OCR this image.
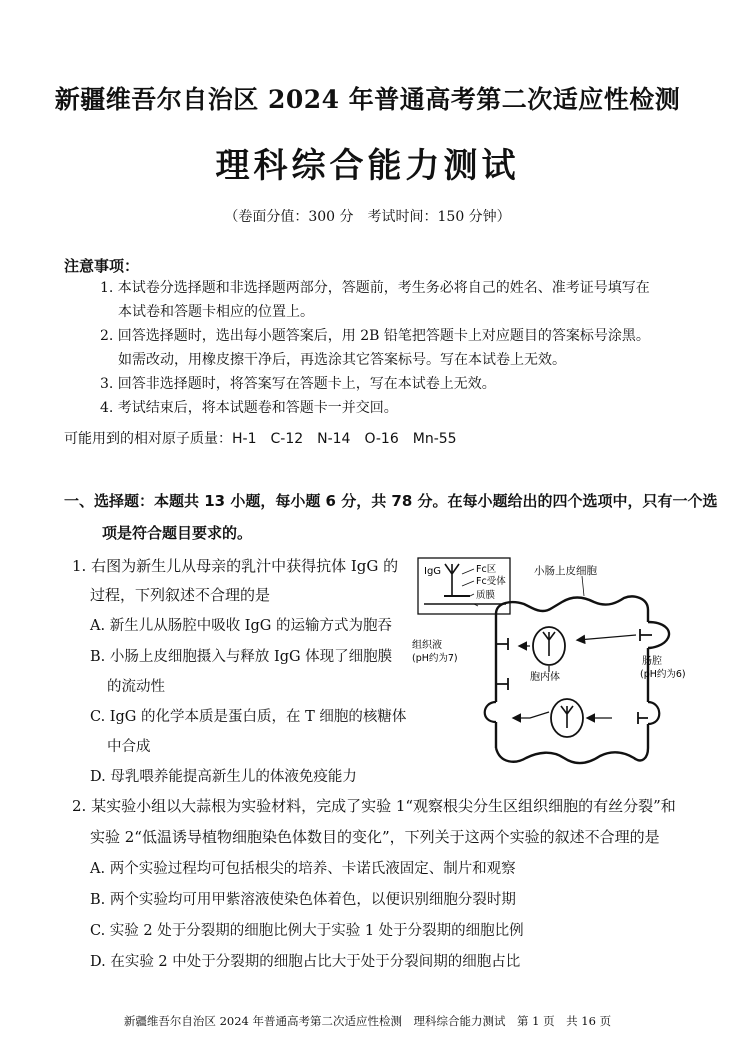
新疆维吾尔自治区 2024 年普通高考第二次适应性检测
理科综合能力测试
（卷面分值：300 分　考试时间：150 分钟）
注意事项：
1. 本试卷分选择题和非选择题两部分，答题前，考生务必将自己的姓名、准考证号填写在
本试卷和答题卡相应的位置上。
2. 回答选择题时，选出每小题答案后，用 2B 铅笔把答题卡上对应题目的答案标号涂黑。
如需改动，用橡皮擦干净后，再选涂其它答案标号。写在本试卷上无效。
3. 回答非选择题时，将答案写在答题卡上，写在本试卷上无效。
4. 考试结束后，将本试题卷和答题卡一并交回。
可能用到的相对原子质量：H-1　C-12　N-14　O-16　Mn-55
一、选择题：本题共 13 小题，每小题 6 分，共 78 分。在每小题给出的四个选项中，只有一个选
项是符合题目要求的。
1. 右图为新生儿从母亲的乳汁中获得抗体 IgG 的
过程，下列叙述不合理的是
A. 新生儿从肠腔中吸收 IgG 的运输方式为胞吞
B. 小肠上皮细胞摄入与释放 IgG 体现了细胞膜
的流动性
C. IgG 的化学本质是蛋白质，在 T 细胞的核糖体
中合成
D. 母乳喂养能提高新生儿的体液免疫能力
IgG	Fc区
Fc受体
质膜
小肠上皮细胞
组织液
(pH约为7)	肠腔
(pH约为6)
胞内体
2. 某实验小组以大蒜根为实验材料，完成了实验 1“观察根尖分生区组织细胞的有丝分裂”和
实验 2“低温诱导植物细胞染色体数目的变化”，下列关于这两个实验的叙述不合理的是
A. 两个实验过程均可包括根尖的培养、卡诺氏液固定、制片和观察
B. 两个实验均可用甲紫溶液使染色体着色，以便识别细胞分裂时期
C. 实验 2 处于分裂期的细胞比例大于实验 1 处于分裂期的细胞比例
D. 在实验 2 中处于分裂期的细胞占比大于处于分裂间期的细胞占比
新疆维吾尔自治区 2024 年普通高考第二次适应性检测　理科综合能力测试　第 1 页　共 16 页
